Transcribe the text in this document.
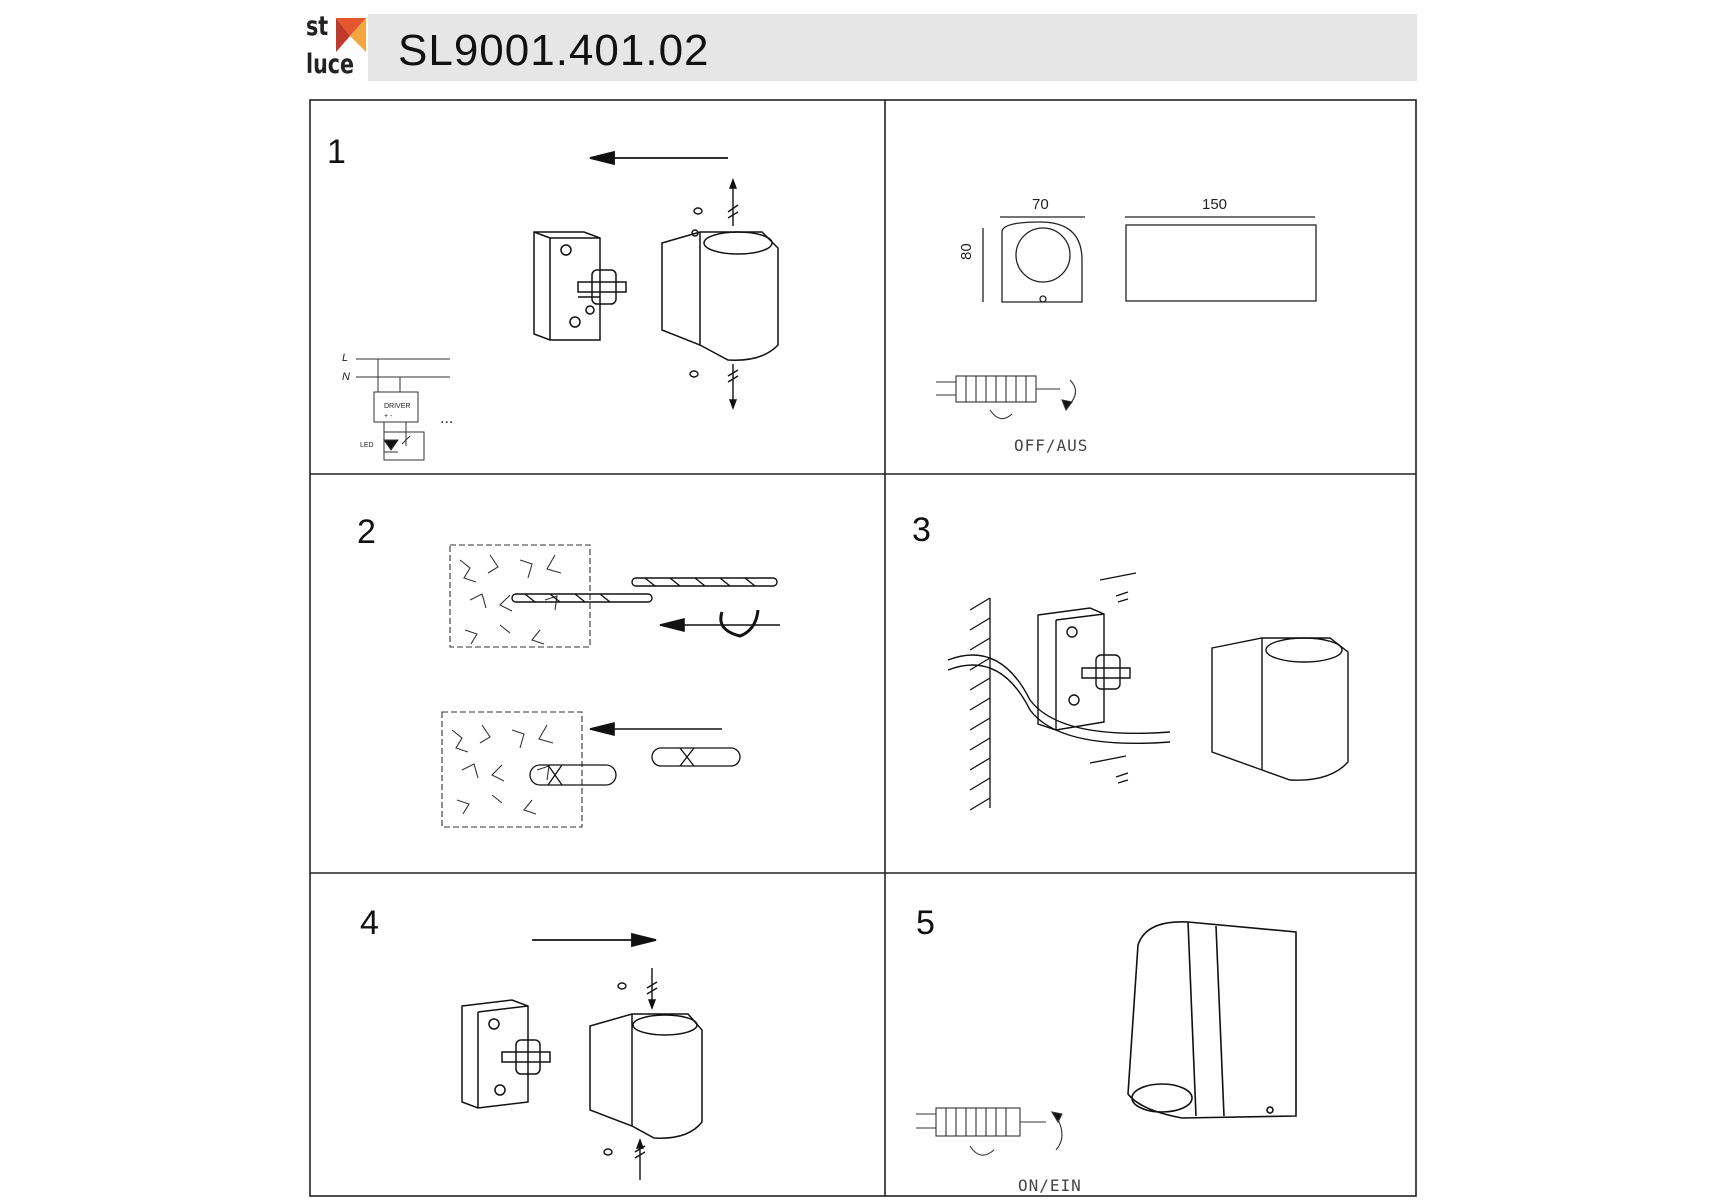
st
luce SL9001.401.02
1
2	3
4	5
L
N
DRIVER
+ -
LED
...
70	150
80
OFF/AUS
ON/EIN
